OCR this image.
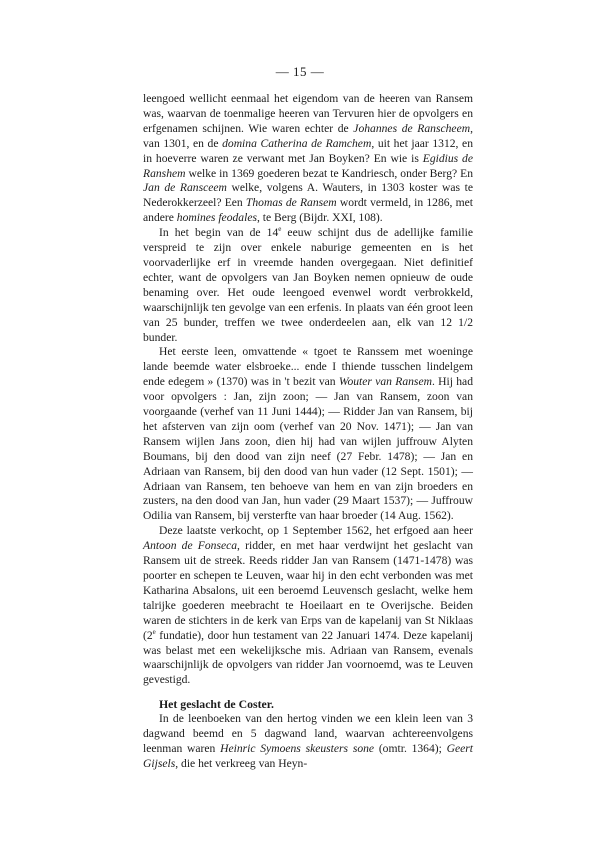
— 15 —

leengoed wellicht eenmaal het eigendom van de heeren van Ransem was, waarvan de toenmalige heeren van Tervuren hier de opvolgers en erfgenamen schijnen. Wie waren echter de Johannes de Ranscheem, van 1301, en de domina Catherina de Ramchem, uit het jaar 1312, en in hoeverre waren ze verwant met Jan Boyken? En wie is Egidius de Ranshem welke in 1369 goederen bezat te Kandriesch, onder Berg? En Jan de Ransceem welke, volgens A. Wauters, in 1303 koster was te Nederokkerzeel? Een Thomas de Ransem wordt vermeld, in 1286, met andere homines feodales, te Berg (Bijdr. XXI, 108).

In het begin van de 14e eeuw schijnt dus de adellijke familie verspreid te zijn over enkele naburige gemeenten en is het voorvaderlijke erf in vreemde handen overgegaan. Niet definitief echter, want de opvolgers van Jan Boyken nemen opnieuw de oude benaming over. Het oude leengoed evenwel wordt verbrokkeld, waarschijnlijk ten gevolge van een erfenis. In plaats van één groot leen van 25 bunder, treffen we twee onderdeelen aan, elk van 12 1/2 bunder.

Het eerste leen, omvattende « tgoet te Ranssem met woeninge lande beemde water elsbroeke... ende I thiende tusschen lindelgem ende edegem » (1370) was in 't bezit van Wouter van Ransem. Hij had voor opvolgers : Jan, zijn zoon; — Jan van Ransem, zoon van voorgaande (verhef van 11 Juni 1444); — Ridder Jan van Ransem, bij het afsterven van zijn oom (verhef van 20 Nov. 1471); — Jan van Ransem wijlen Jans zoon, dien hij had van wijlen juffrouw Alyten Boumans, bij den dood van zijn neef (27 Febr. 1478); — Jan en Adriaan van Ransem, bij den dood van hun vader (12 Sept. 1501); — Adriaan van Ransem, ten behoeve van hem en van zijn broeders en zusters, na den dood van Jan, hun vader (29 Maart 1537); — Juffrouw Odilia van Ransem, bij versterfte van haar broeder (14 Aug. 1562).

Deze laatste verkocht, op 1 September 1562, het erfgoed aan heer Antoon de Fonseca, ridder, en met haar verdwijnt het geslacht van Ransem uit de streek. Reeds ridder Jan van Ransem (1471-1478) was poorter en schepen te Leuven, waar hij in den echt verbonden was met Katharina Absalons, uit een beroemd Leuvensch geslacht, welke hem talrijke goederen meebracht te Hoeilaart en te Overijsche. Beiden waren de stichters in de kerk van Erps van de kapelanij van St Niklaas (2e fundatie), door hun testament van 22 Januari 1474. Deze kapelanij was belast met een wekelijksche mis. Adriaan van Ransem, evenals waarschijnlijk de opvolgers van ridder Jan voornoemd, was te Leuven gevestigd.

Het geslacht de Coster.

In de leenboeken van den hertog vinden we een klein leen van 3 dagwand beemd en 5 dagwand land, waarvan achtereenvolgens leenman waren Heinric Symoens skeusters sone (omtr. 1364); Geert Gijsels, die het verkreeg van Heyn-
